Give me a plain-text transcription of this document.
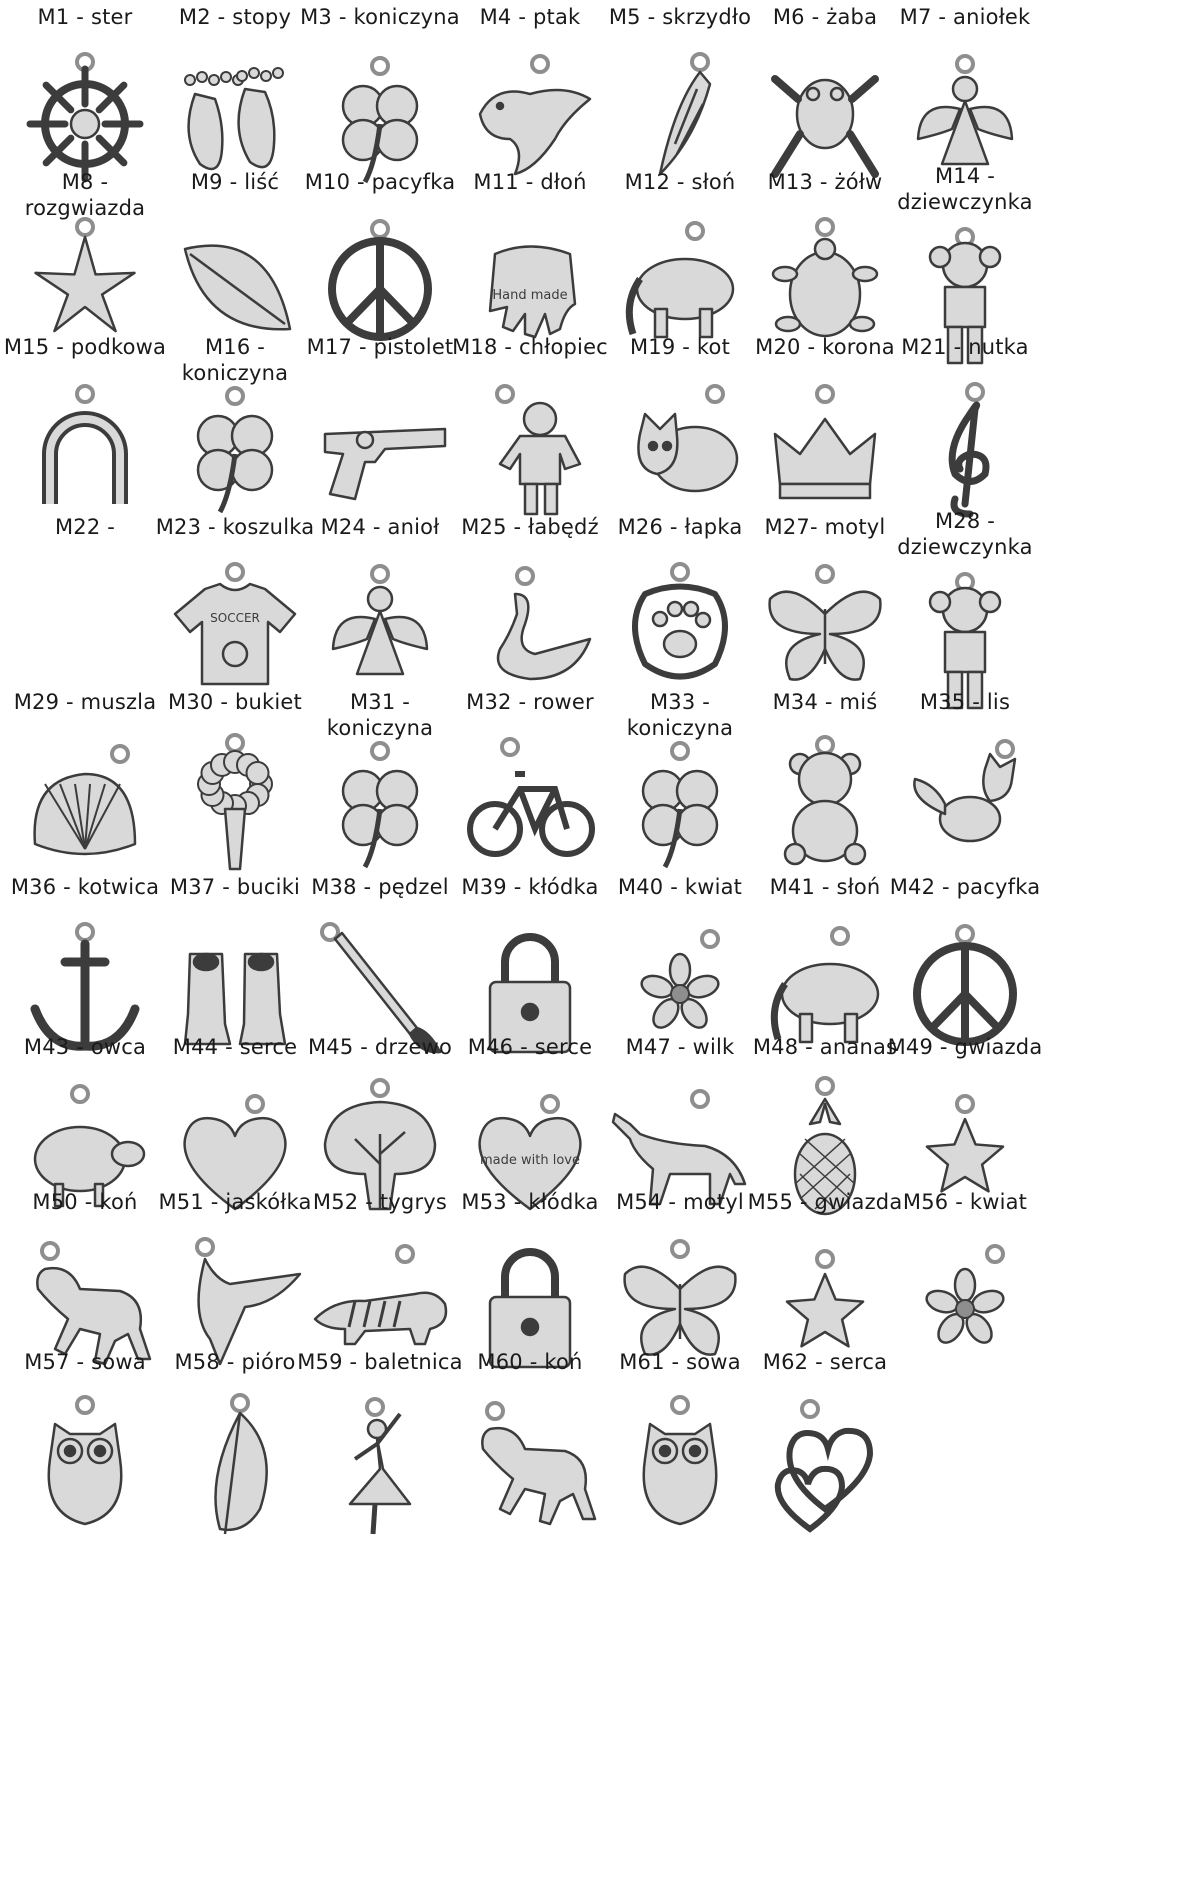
M1 - ster	M2 - stopy M3 - koniczyna M4 - ptak	M5 - skrzydło	M6 - żaba	M7 - aniołek
M8 - rozgwiazda
M9 - liść	M10 - pacyfka M11 - dłoń
Hand made
M12 - słoń	M13 - żółw	M14 -
dziewczynka
M15 - podkowa	M16 - koniczyna
M17 - pistolet
M18 - chłopiec	M19 - kot	M20 - korona M21 - nutka
M22 -	M23 - koszulka
SOCCER
M24 - anioł	M25 - łabędź M26 - łapka	M27- motyl	M28 -
dziewczynka
M29 - muszla M30 - bukiet	M31 - koniczyna
M32 - rower	M33 - koniczyna
M34 - miś	M35 - lis
M36 - kotwica M37 - buciki M38 - pędzel M39 - kłódka M40 - kwiat	M41 - słoń M42 - pacyfka
M43 - owca	M44 - serce M45 - drzewo M46 - serce
made with love
M47 - wilk M48 - ananas
M49 - gwiazda
M50 - koń M51 - jaskółka M52 - tygrys M53 - kłódka M54 - motyl M55 - gwiazda M56 - kwiat
M57 - sowa	M58 - pióro M59 - baletnica M60 - koń	M61 - sowa	M62 - serca
